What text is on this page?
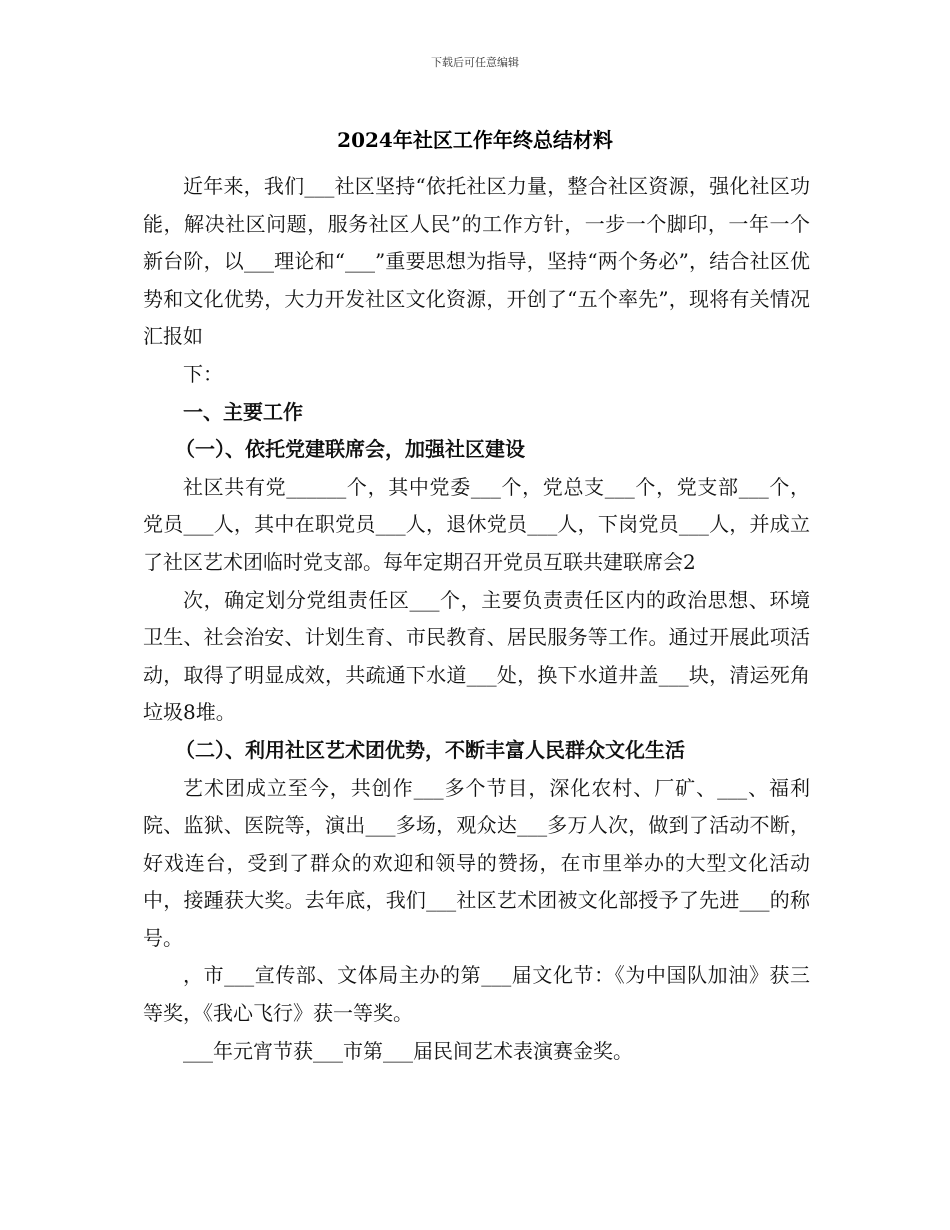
下载后可任意编辑
2024年社区工作年终总结材料

近年来，我们___社区坚持“依托社区力量，整合社区资源，强化社区功能，解决社区问题，服务社区人民”的工作方针，一步一个脚印，一年一个新台阶，以___理论和“___”重要思想为指导，坚持“两个务必”，结合社区优势和文化优势，大力开发社区文化资源，开创了“五个率先”，现将有关情况汇报如

下：

一、主要工作
（一）、依托党建联席会，加强社区建设

社区共有党______个，其中党委___个，党总支___个，党支部___个，党员___人，其中在职党员___人，退休党员___人，下岗党员___人，并成立了社区艺术团临时党支部。每年定期召开党员互联共建联席会2

次，确定划分党组责任区___个，主要负责责任区内的政治思想、环境卫生、社会治安、计划生育、市民教育、居民服务等工作。通过开展此项活动，取得了明显成效，共疏通下水道___处，换下水道井盖___块，清运死角垃圾8堆。

（二）、利用社区艺术团优势，不断丰富人民群众文化生活

艺术团成立至今，共创作___多个节目，深化农村、厂矿、___、福利院、监狱、医院等，演出___多场，观众达___多万人次，做到了活动不断，好戏连台，受到了群众的欢迎和领导的赞扬，在市里举办的大型文化活动中，接踵获大奖。去年底，我们___社区艺术团被文化部授予了先进___的称号。

，市___宣传部、文体局主办的第___届文化节：《为中国队加油》获三等奖，《我心飞行》获一等奖。

___年元宵节获___市第___届民间艺术表演赛金奖。
